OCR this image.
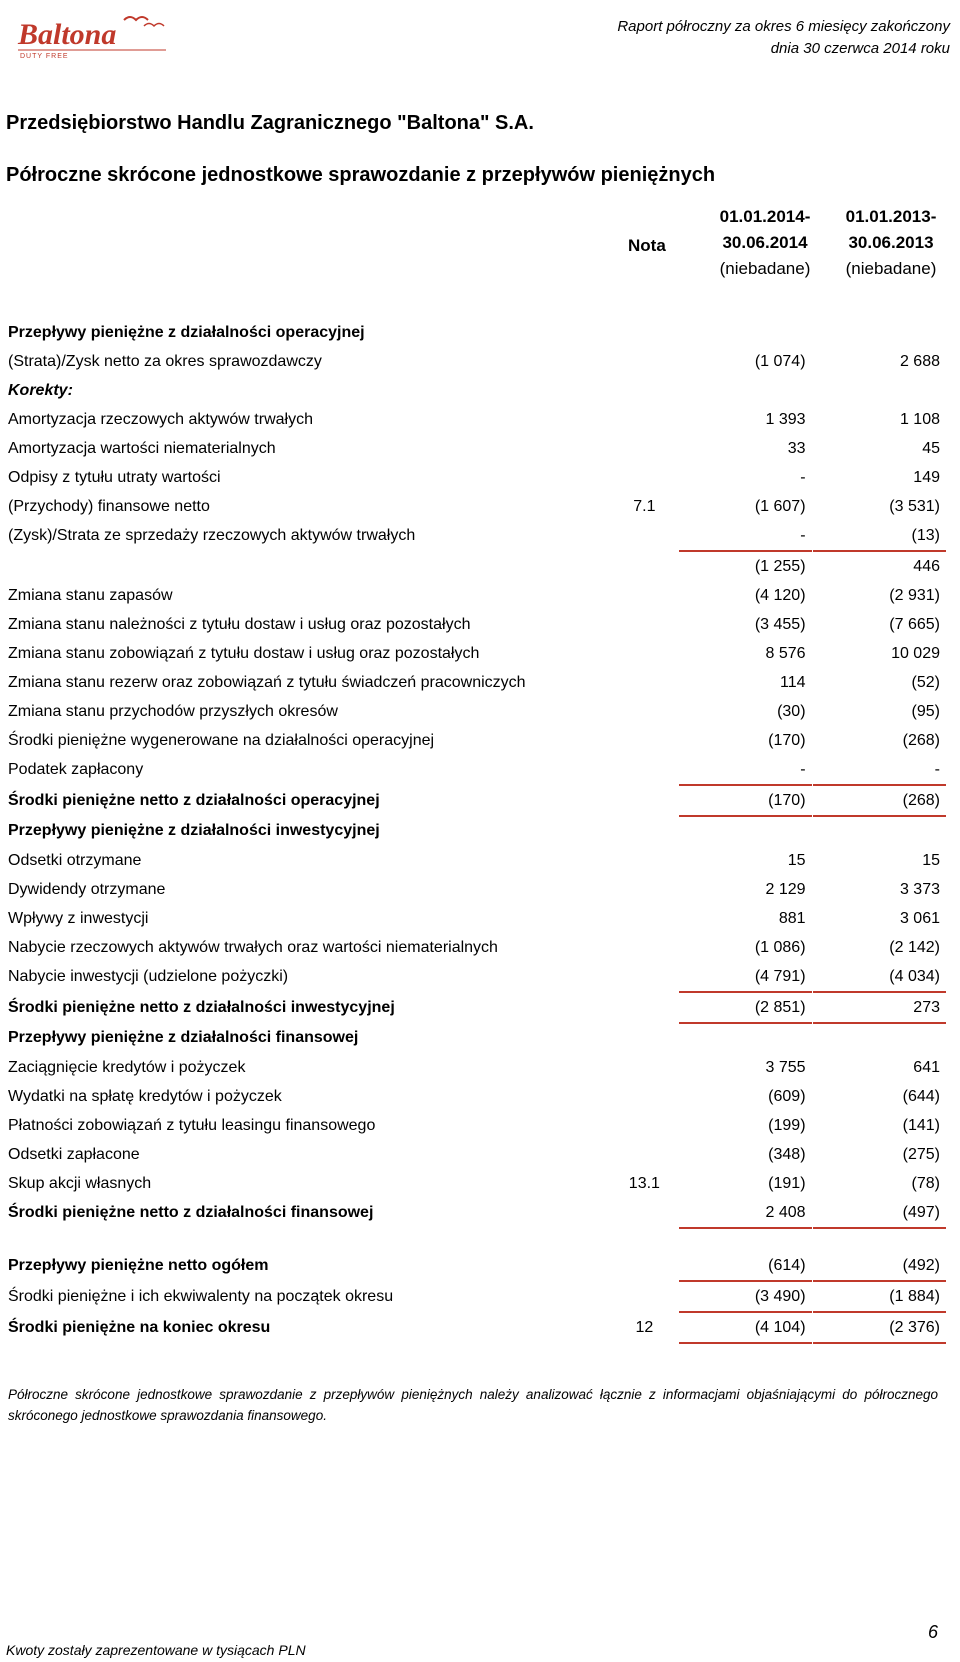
Baltona
DUTY FREE
Raport półroczny za okres 6 miesięcy zakończony
dnia 30 czerwca 2014 roku
Przedsiębiorstwo Handlu Zagranicznego "Baltona" S.A.
Półroczne skrócone jednostkowe sprawozdanie z przepływów pieniężnych
Nota
01.01.2014-
30.06.2014
(niebadane)
01.01.2013-
30.06.2013
(niebadane)
Przepływy pieniężne z działalności operacyjnej				
(Strata)/Zysk netto za okres sprawozdawczy		(1 074)		2 688
Korekty:				
Amortyzacja rzeczowych aktywów trwałych		1 393		1 108
Amortyzacja wartości niematerialnych		33		45
Odpisy z tytułu utraty wartości		-		149
(Przychody) finansowe netto	7.1	(1 607)		(3 531)
(Zysk)/Strata ze sprzedaży rzeczowych aktywów trwałych		-		(13)
		(1 255)		446
Zmiana stanu zapasów		(4 120)		(2 931)
Zmiana stanu należności z tytułu dostaw i usług oraz pozostałych		(3 455)		(7 665)
Zmiana stanu zobowiązań z tytułu dostaw i usług oraz pozostałych		8 576		10 029
Zmiana stanu rezerw oraz zobowiązań z tytułu świadczeń pracowniczych		114		(52)
Zmiana stanu przychodów przyszłych okresów		(30)		(95)
Środki pieniężne wygenerowane na działalności operacyjnej		(170)		(268)
Podatek zapłacony		-		-
Środki pieniężne netto z działalności operacyjnej		(170)		(268)
Przepływy pieniężne z działalności inwestycyjnej				
Odsetki otrzymane		15		15
Dywidendy otrzymane		2 129		3 373
Wpływy z inwestycji		881		3 061
Nabycie rzeczowych aktywów trwałych oraz wartości niematerialnych		(1 086)		(2 142)
Nabycie inwestycji (udzielone pożyczki)		(4 791)		(4 034)
Środki pieniężne netto z działalności inwestycyjnej		(2 851)		273
Przepływy pieniężne z działalności finansowej				
Zaciągnięcie kredytów i pożyczek		3 755		641
Wydatki na spłatę kredytów i pożyczek		(609)		(644)
Płatności zobowiązań z tytułu leasingu finansowego		(199)		(141)
Odsetki zapłacone		(348)		(275)
Skup akcji własnych	13.1	(191)		(78)
Środki pieniężne netto z działalności finansowej		2 408		(497)

Przepływy pieniężne netto ogółem		(614)		(492)
Środki pieniężne i ich ekwiwalenty na początek okresu		(3 490)		(1 884)
Środki pieniężne na koniec okresu	12	(4 104)		(2 376)
Półroczne skrócone jednostkowe sprawozdanie z przepływów pieniężnych należy analizować łącznie z informacjami objaśniającymi do półrocznego skróconego jednostkowe sprawozdania finansowego.
6
Kwoty zostały zaprezentowane w tysiącach PLN
